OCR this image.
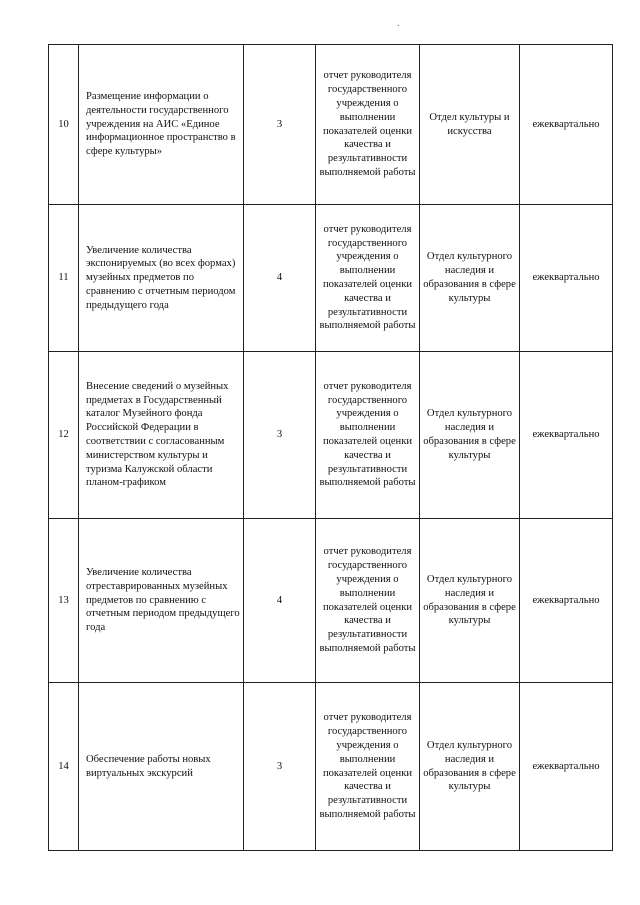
.
10	Размещение информации о деятельности государственного учреждения на АИС «Единое информационное пространство в сфере культуры»	3	отчет руководителя государственного учреждения о выполнении показателей оценки качества и результативности выполняемой работы	Отдел культуры и искусства	ежеквартально
11	Увеличение количества экспонируемых (во всех формах) музейных предметов по сравнению с отчетным периодом предыдущего года	4	отчет руководителя государственного учреждения о выполнении показателей оценки качества и результативности выполняемой работы	Отдел культурного наследия и образования в сфере культуры	ежеквартально
12	Внесение сведений о музейных предметах в Государственный каталог Музейного фонда Российской Федерации в соответствии с согласованным министерством культуры и туризма Калужской области планом-графиком	3	отчет руководителя государственного учреждения о выполнении показателей оценки качества и результативности выполняемой работы	Отдел культурного наследия и образования в сфере культуры	ежеквартально
13	Увеличение количества отреставрированных музейных предметов по сравнению с отчетным периодом предыдущего года	4	отчет руководителя государственного учреждения о выполнении показателей оценки качества и результативности выполняемой работы	Отдел культурного наследия и образования в сфере культуры	ежеквартально
14	Обеспечение работы новых виртуальных экскурсий	3	отчет руководителя государственного учреждения о выполнении показателей оценки качества и результативности выполняемой работы	Отдел культурного наследия и образования в сфере культуры	ежеквартально
